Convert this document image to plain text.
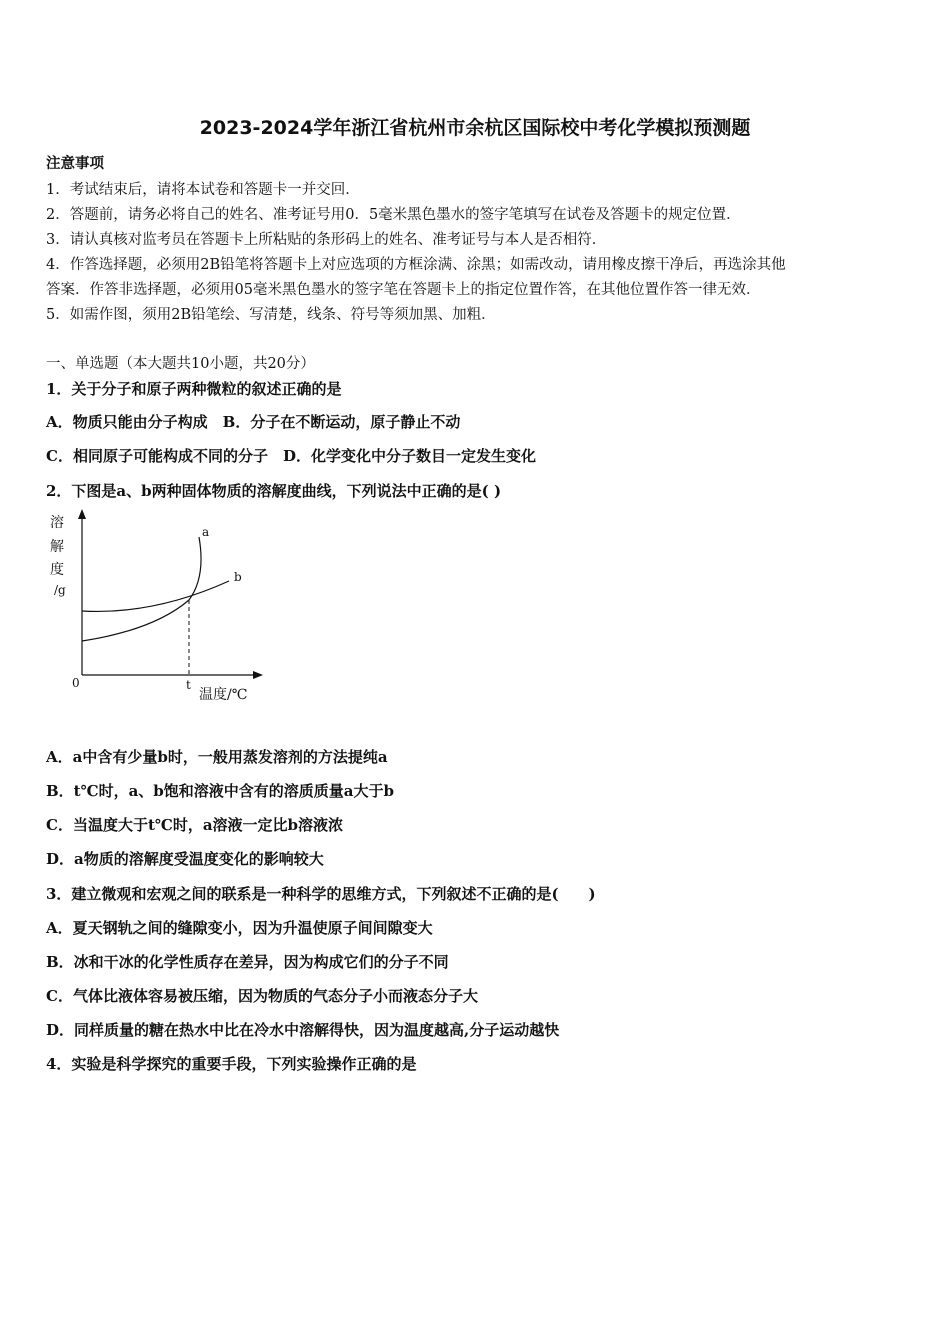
2023-2024学年浙江省杭州市余杭区国际校中考化学模拟预测题
注意事项
1．考试结束后，请将本试卷和答题卡一并交回．
2．答题前，请务必将自己的姓名、准考证号用0．5毫米黑色墨水的签字笔填写在试卷及答题卡的规定位置．
3．请认真核对监考员在答题卡上所粘贴的条形码上的姓名、准考证号与本人是否相符．
4．作答选择题，必须用2B铅笔将答题卡上对应选项的方框涂满、涂黑；如需改动，请用橡皮擦干净后，再选涂其他
答案．作答非选择题，必须用05毫米黑色墨水的签字笔在答题卡上的指定位置作答，在其他位置作答一律无效．
5．如需作图，须用2B铅笔绘、写清楚，线条、符号等须加黑、加粗．
一、单选题（本大题共10小题，共20分）
1．关于分子和原子两种微粒的叙述正确的是
A．物质只能由分子构成　B．分子在不断运动，原子静止不动
C．相同原子可能构成不同的分子　D．化学变化中分子数目一定发生变化
2．下图是a、b两种固体物质的溶解度曲线，下列说法中正确的是( )
溶
解
度
/g
a
b
0	t
温度/℃
A．a中含有少量b时，一般用蒸发溶剂的方法提纯a
B．t℃时，a、b饱和溶液中含有的溶质质量a大于b
C．当温度大于t℃时，a溶液一定比b溶液浓
D．a物质的溶解度受温度变化的影响较大
3．建立微观和宏观之间的联系是一种科学的思维方式，下列叙述不正确的是(　　)
A．夏天钢轨之间的缝隙变小，因为升温使原子间间隙变大
B．冰和干冰的化学性质存在差异，因为构成它们的分子不同
C．气体比液体容易被压缩，因为物质的气态分子小而液态分子大
D．同样质量的糖在热水中比在冷水中溶解得快，因为温度越高,分子运动越快
4．实验是科学探究的重要手段，下列实验操作正确的是
